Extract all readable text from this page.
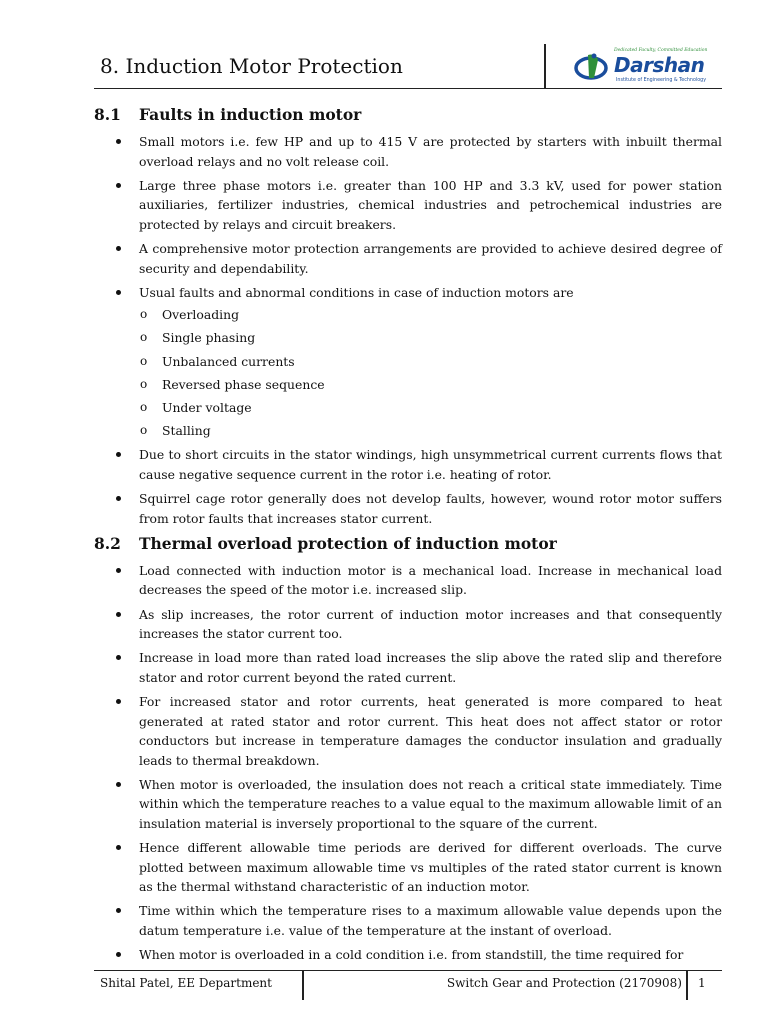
8. Induction Motor Protection
Dedicated Faculty, Committed Education
Darshan
Institute of Engineering & Technology
8.1 Faults in induction motor
Small motors i.e. few HP and up to 415 V are protected by starters with inbuilt thermal overload relays and no volt release coil.
Large three phase motors i.e. greater than 100 HP and 3.3 kV, used for power station auxiliaries, fertilizer industries, chemical industries and petrochemical industries are protected by relays and circuit breakers.
A comprehensive motor protection arrangements are provided to achieve desired degree of security and dependability.
Usual faults and abnormal conditions in case of induction motors are
o Overloading
o Single phasing
o Unbalanced currents
o Reversed phase sequence
o Under voltage
o Stalling
Due to short circuits in the stator windings, high unsymmetrical current currents flows that cause negative sequence current in the rotor i.e. heating of rotor.
Squirrel cage rotor generally does not develop faults, however, wound rotor motor suffers from rotor faults that increases stator current.
8.2 Thermal overload protection of induction motor
Load connected with induction motor is a mechanical load. Increase in mechanical load decreases the speed of the motor i.e. increased slip.
As slip increases, the rotor current of induction motor increases and that consequently increases the stator current too.
Increase in load more than rated load increases the slip above the rated slip and therefore stator and rotor current beyond the rated current.
For increased stator and rotor currents, heat generated is more compared to heat generated at rated stator and rotor current. This heat does not affect stator or rotor conductors but increase in temperature damages the conductor insulation and gradually leads to thermal breakdown.
When motor is overloaded, the insulation does not reach a critical state immediately. Time within which the temperature reaches to a value equal to the maximum allowable limit of an insulation material is inversely proportional to the square of the current.
Hence different allowable time periods are derived for different overloads. The curve plotted between maximum allowable time vs multiples of the rated stator current is known as the thermal withstand characteristic of an induction motor.
Time within which the temperature rises to a maximum allowable value depends upon the datum temperature i.e. value of the temperature at the instant of overload.
When motor is overloaded in a cold condition i.e. from standstill, the time required for
Shital Patel, EE Department	Switch Gear and Protection (2170908) 1
